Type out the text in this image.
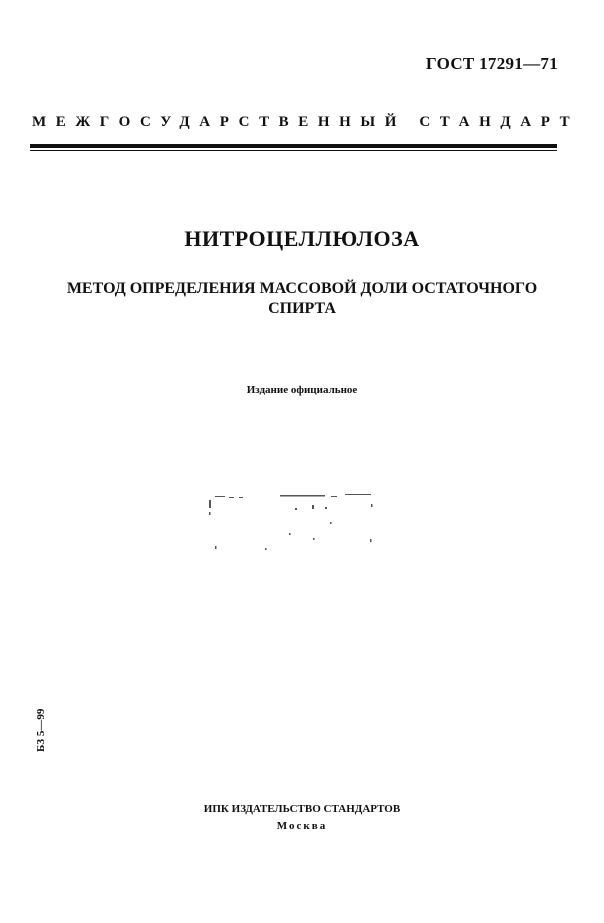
ГОСТ 17291—71
МЕЖГОСУДАРСТВЕННЫЙ СТАНДАРТ
НИТРОЦЕЛЛЮЛОЗА
МЕТОД ОПРЕДЕЛЕНИЯ МАССОВОЙ ДОЛИ ОСТАТОЧНОГО
СПИРТА
Издание официальное
БЗ 5—99
ИПК ИЗДАТЕЛЬСТВО СТАНДАРТОВ
Москва
